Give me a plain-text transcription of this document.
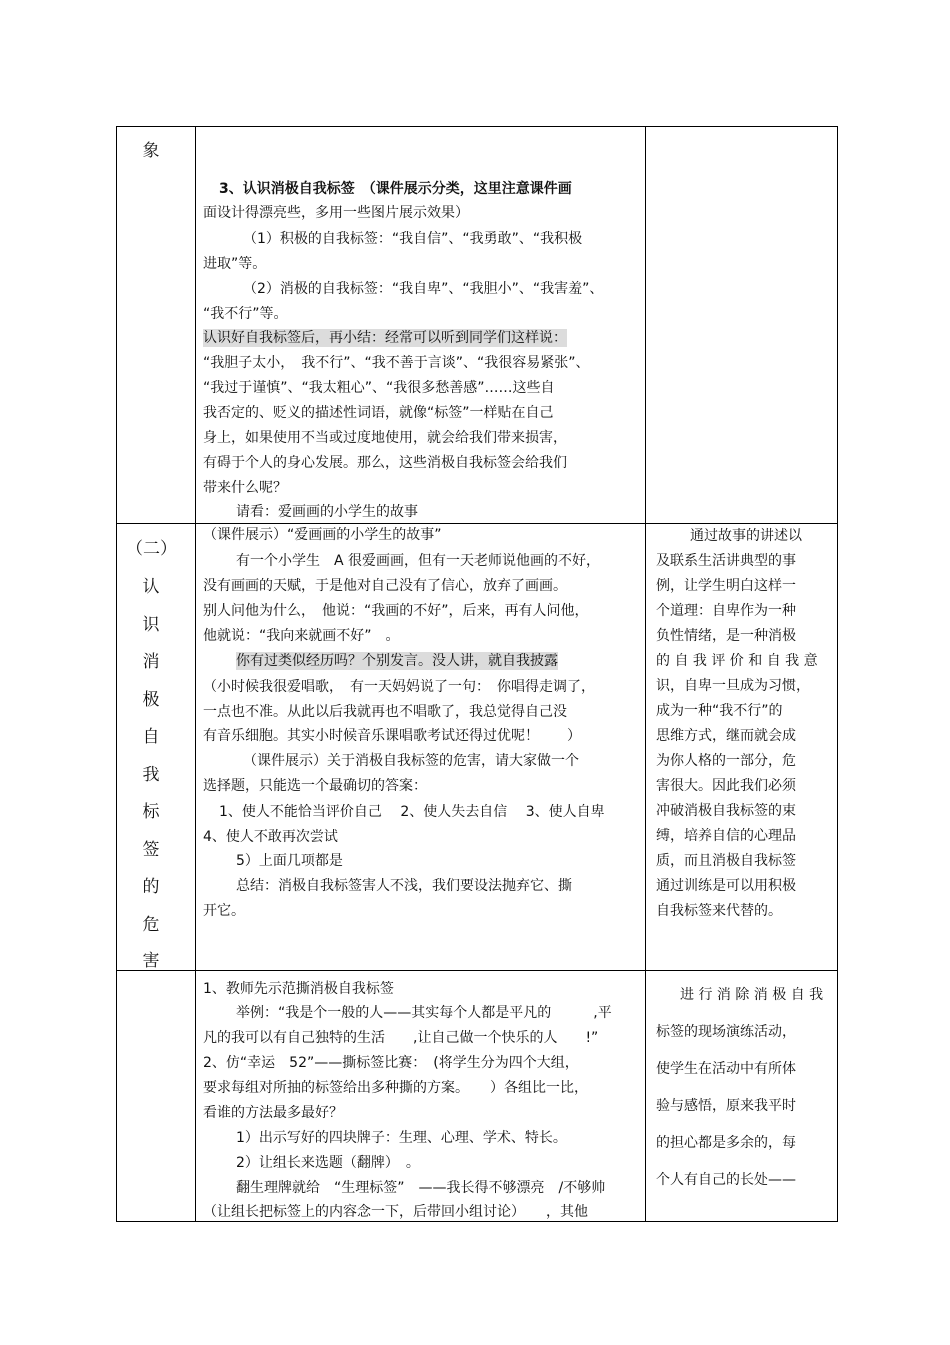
象
3、认识消极自我标签　（课件展示分类，这里注意课件画
面设计得漂亮些，多用一些图片展示效果）
（1）积极的自我标签：“我自信”、“我勇敢”、“我积极
进取”等。
（2）消极的自我标签：“我自卑”、“我胆小”、“我害羞”、
“我不行”等。
认识好自我标签后，再小结：经常可以听到同学们这样说：
“我胆子太小，　我不行”、“我不善于言谈”、“我很容易紧张”、
“我过于谨慎”、“我太粗心”、“我很多愁善感”……这些自
我否定的、贬义的描述性词语，就像“标签”一样贴在自己
身上，如果使用不当或过度地使用，就会给我们带来损害，
有碍于个人的身心发展。那么，这些消极自我标签会给我们
带来什么呢？
请看：爱画画的小学生的故事
（二）
认
识
消
极
自
我
标
签
的
危
害
（课件展示）“爱画画的小学生的故事”
有一个小学生　A 很爱画画，但有一天老师说他画的不好，
没有画画的天赋，于是他对自己没有了信心，放弃了画画。
别人问他为什么，　他说：“我画的不好”，后来，再有人问他，
他就说：“我向来就画不好”　。
你有过类似经历吗？个别发言。没人讲，就自我披露
（小时候我很爱唱歌，　有一天妈妈说了一句：　你唱得走调了，
一点也不准。从此以后我就再也不唱歌了，我总觉得自己没
有音乐细胞。其实小时候音乐课唱歌考试还得过优呢！　　）
（课件展示）关于消极自我标签的危害，请大家做一个
选择题，只能选一个最确切的答案：
1、使人不能恰当评价自己　 2、使人失去自信　 3、使人自卑
4、使人不敢再次尝试
5）上面几项都是
总结：消极自我标签害人不浅，我们要设法抛弃它、撕
开它。
通过故事的讲述以
及联系生活讲典型的事
例，让学生明白这样一
个道理：自卑作为一种
负性情绪，是一种消极
的 自 我 评 价 和 自 我 意
识，自卑一旦成为习惯，
成为一种“我不行”的
思维方式，继而就会成
为你人格的一部分，危
害很大。因此我们必须
冲破消极自我标签的束
缚，培养自信的心理品
质，而且消极自我标签
通过训练是可以用积极
自我标签来代替的。
1、教师先示范撕消极自我标签
举例：“我是个一般的人——其实每个人都是平凡的　　　,平
凡的我可以有自己独特的生活　　,让自己做一个快乐的人　　!”
2、仿“幸运　52”——撕标签比赛：　(将学生分为四个大组，
要求每组对所抽的标签给出多种撕的方案。　　）各组比一比，
看谁的方法最多最好？
1）出示写好的四块牌子：生理、心理、学术、特长。
2）让组长来选题（翻牌）　。
翻生理牌就给　“生理标签”　——我长得不够漂亮　/不够帅
（让组长把标签上的内容念一下，后带回小组讨论）　　，其他
进 行 消 除 消 极 自 我
标签的现场演练活动，
使学生在活动中有所体
验与感悟，原来我平时
的担心都是多余的，每
个人有自己的长处——
